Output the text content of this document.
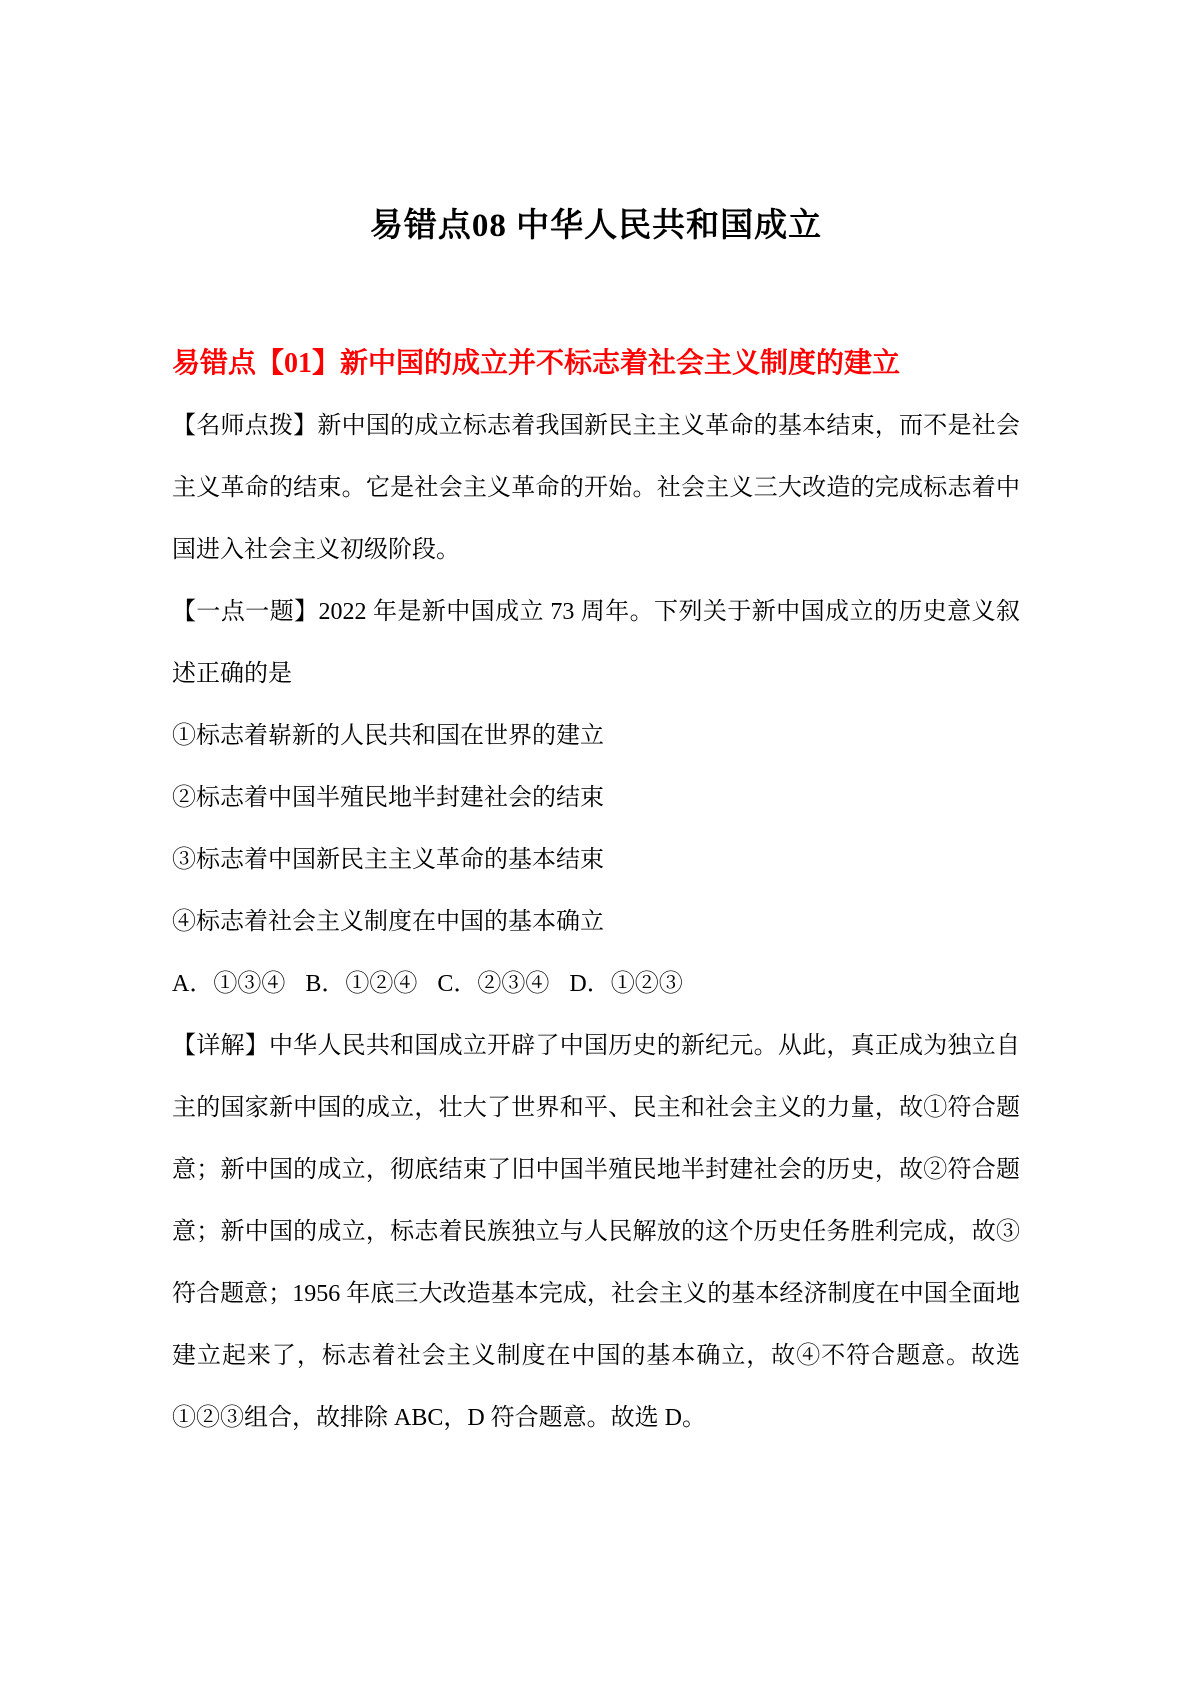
易错点08 中华人民共和国成立
易错点【01】新中国的成立并不标志着社会主义制度的建立

【名师点拨】新中国的成立标志着我国新民主主义革命的基本结束，而不是社会主义革命的结束。它是社会主义革命的开始。社会主义三大改造的完成标志着中国进入社会主义初级阶段。

【一点一题】2022 年是新中国成立 73 周年。下列关于新中国成立的历史意义叙述正确的是

①标志着崭新的人民共和国在世界的建立

②标志着中国半殖民地半封建社会的结束

③标志着中国新民主主义革命的基本结束

④标志着社会主义制度在中国的基本确立

A．①③④ B．①②④ C．②③④ D．①②③

【详解】中华人民共和国成立开辟了中国历史的新纪元。从此，真正成为独立自主的国家新中国的成立，壮大了世界和平、民主和社会主义的力量，故①符合题意；新中国的成立，彻底结束了旧中国半殖民地半封建社会的历史，故②符合题意；新中国的成立，标志着民族独立与人民解放的这个历史任务胜利完成，故③符合题意；1956 年底三大改造基本完成，社会主义的基本经济制度在中国全面地建立起来了，标志着社会主义制度在中国的基本确立，故④不符合题意。故选①②③组合，故排除 ABC，D 符合题意。故选 D。
